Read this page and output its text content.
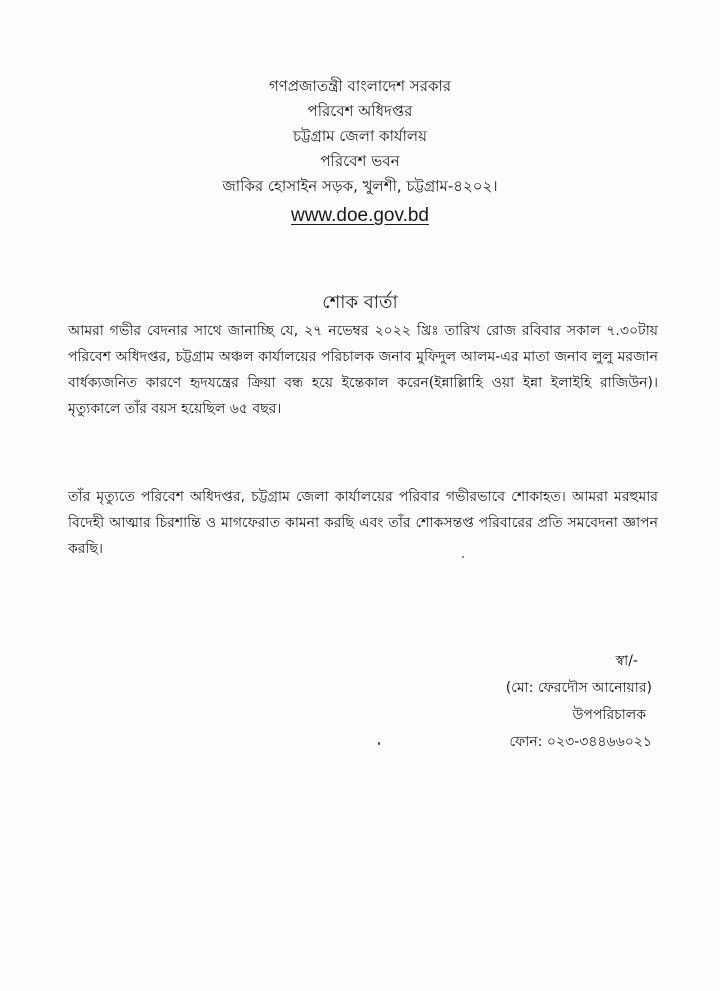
গণপ্রজাতন্ত্রী বাংলাদেশ সরকার
পরিবেশ অধিদপ্তর
চট্টগ্রাম জেলা কার্যালয়
পরিবেশ ভবন
জাকির হোসাইন সড়ক, খুলশী, চট্টগ্রাম-৪২০২।
www.doe.gov.bd
শোক বার্তা
আমরা গভীর বেদনার সাথে জানাচ্ছি যে, ২৭ নভেম্বর ২০২২ খ্রিঃ তারিখ রোজ রবিবার সকাল ৭.৩০টায় পরিবেশ অধিদপ্তর, চট্টগ্রাম অঞ্চল কার্যালয়ের পরিচালক জনাব মুফিদুল আলম-এর মাতা জনাব লুলু মরজান বার্ধক্যজনিত কারণে হৃদযন্ত্রের ক্রিয়া বন্ধ হয়ে ইন্তেকাল করেন(ইন্নাল্লিাহি ওয়া ইন্না ইলাইহি রাজিউন)। মৃত্যুকালে তাঁর বয়স হয়েছিল ৬৫ বছর।
তাঁর মৃত্যুতে পরিবেশ অধিদপ্তর, চট্টগ্রাম জেলা কার্যালয়ের পরিবার গভীরভাবে শোকাহত। আমরা মরহুমার বিদেহী আত্মার চিরশান্তি ও মাগফেরাত কামনা করছি এবং তাঁর শোকসন্তপ্ত পরিবারের প্রতি সমবেদনা জ্ঞাপন করছি।
স্বা/-
(মো: ফেরদৌস আনোয়ার)
উপপরিচালক
ফোন: ০২৩-৩৪৪৬৬০২১
